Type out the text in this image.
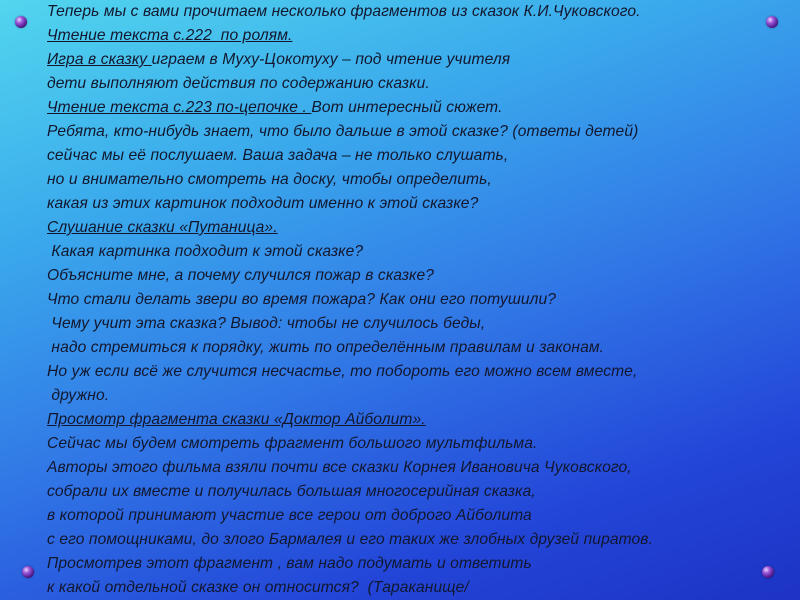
Теперь мы с вами прочитаем несколько фрагментов из сказок К.И.Чуковского.
Чтение текста с.222  по ролям.
Игра в сказку играем в Муху-Цокотуху – под чтение учителя
дети выполняют действия по содержанию сказки.
Чтение текста с.223 по-цепочке . Вот интересный сюжет.
Ребята, кто-нибудь знает, что было дальше в этой сказке? (ответы детей)
сейчас мы её послушаем. Ваша задача – не только слушать,
но и внимательно смотреть на доску, чтобы определить,
какая из этих картинок подходит именно к этой сказке?
Слушание сказки «Путаница».
Какая картинка подходит к этой сказке?
Объясните мне, а почему случился пожар в сказке?
Что стали делать звери во время пожара? Как они его потушили?
Чему учит эта сказка? Вывод: чтобы не случилось беды,
надо стремиться к порядку, жить по определённым правилам и законам.
Но уж если всё же случится несчастье, то побороть его можно всем вместе,
дружно.
Просмотр фрагмента сказки «Доктор Айболит».
Сейчас мы будем смотреть фрагмент большого мультфильма.
Авторы этого фильма взяли почти все сказки Корнея Ивановича Чуковского,
собрали их вместе и получилась большая многосерийная сказка,
в которой принимают участие все герои от доброго Айболита
с его помощниками, до злого Бармалея и его таких же злобных друзей пиратов.
Просмотрев этот фрагмент , вам надо подумать и ответить
к какой отдельной сказке он относится?  (Тараканище/
